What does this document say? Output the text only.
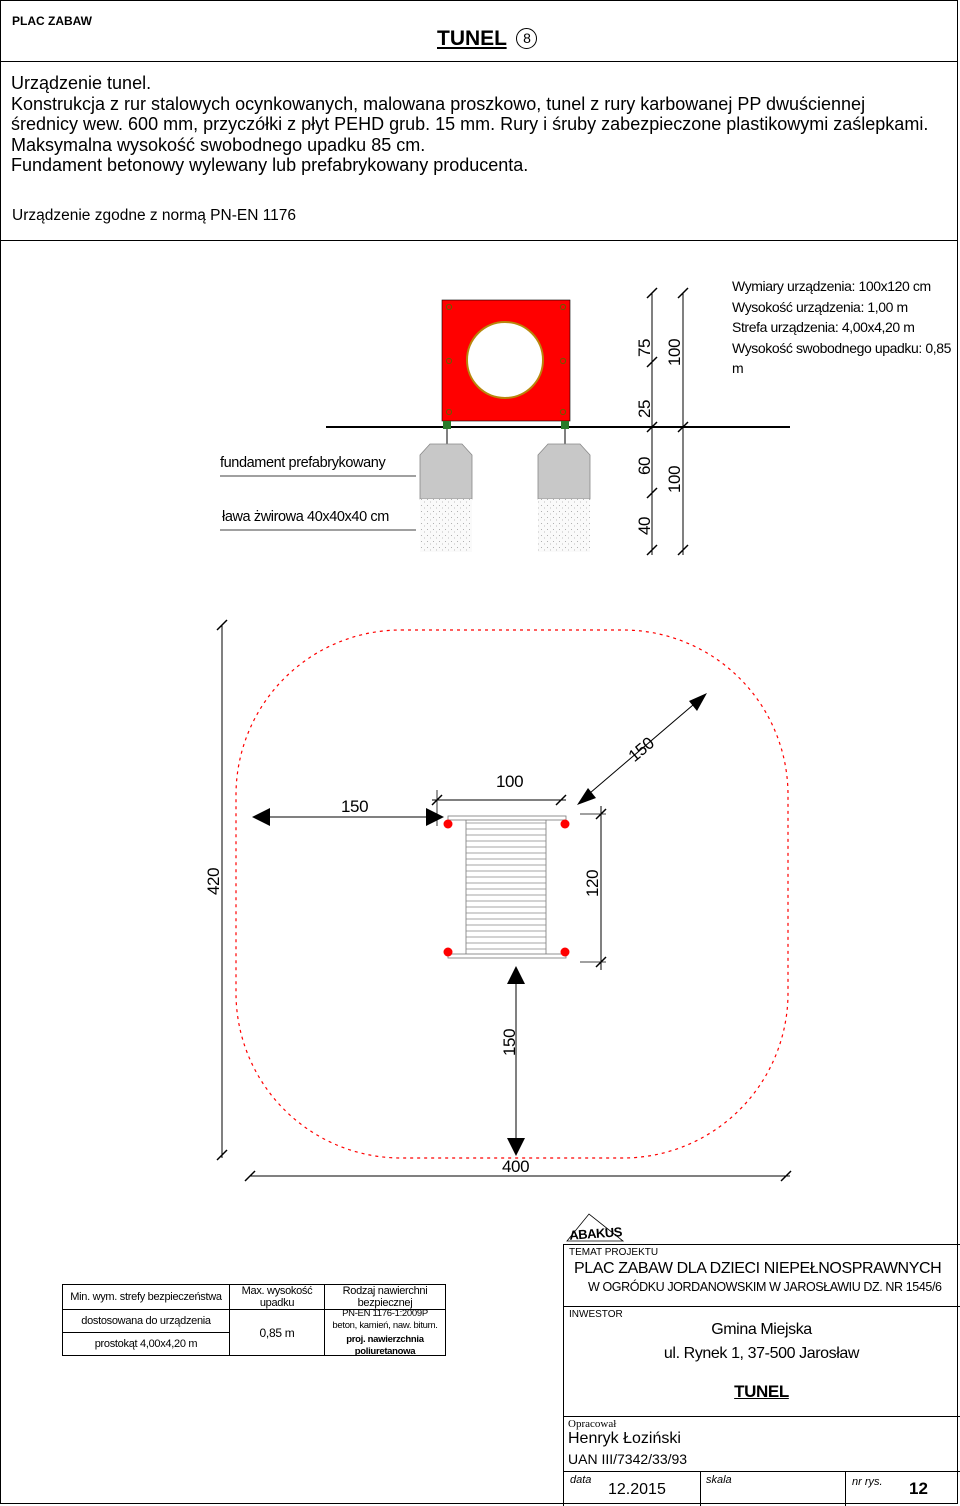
PLAC ZABAW
TUNEL 8
Urządzenie tunel.
Konstrukcja z rur stalowych ocynkowanych, malowana proszkowo, tunel z rury karbowanej PP dwuściennej
średnicy wew. 600 mm, przyczółki z płyt PEHD grub. 15 mm. Rury i śruby zabezpieczone plastikowymi zaślepkami.
Maksymalna wysokość swobodnego upadku 85 cm.
Fundament betonowy wylewany lub prefabrykowany producenta.
Urządzenie zgodne z normą PN-EN 1176
75
25
100
60
40
100
fundament prefabrykowany
ława żwirowa 40x40x40 cm
Wymiary urządzenia: 100x120 cm
Wysokość urządzenia: 1,00 m
Strefa urządzenia: 4,00x4,20 m
Wysokość swobodnego upadku: 0,85 m
100
150
150
120
420
150
400
Min. wym. strefy bezpieczeństwa	Max. wysokość upadku
Rodzaj nawierchni bezpiecznej
dostosowana do urządzenia
prostokąt 4,00x4,20 m
0,85 m
PN-EN 1176-1:2009P
beton, kamień, naw. bitum.
proj. nawierzchnia poliuretanowa
ABAKUS
TEMAT PROJEKTU
PLAC ZABAW DLA DZIECI NIEPEŁNOSPRAWNYCH
W OGRÓDKU JORDANOWSKIM W JAROSŁAWIU DZ. NR 1545/6
INWESTOR
Gmina Miejska
ul. Rynek 1, 37-500 Jarosław
TUNEL
Opracował
Henryk Łoziński
UAN III/7342/33/93
data
12.2015
skala	nr rys. 12
